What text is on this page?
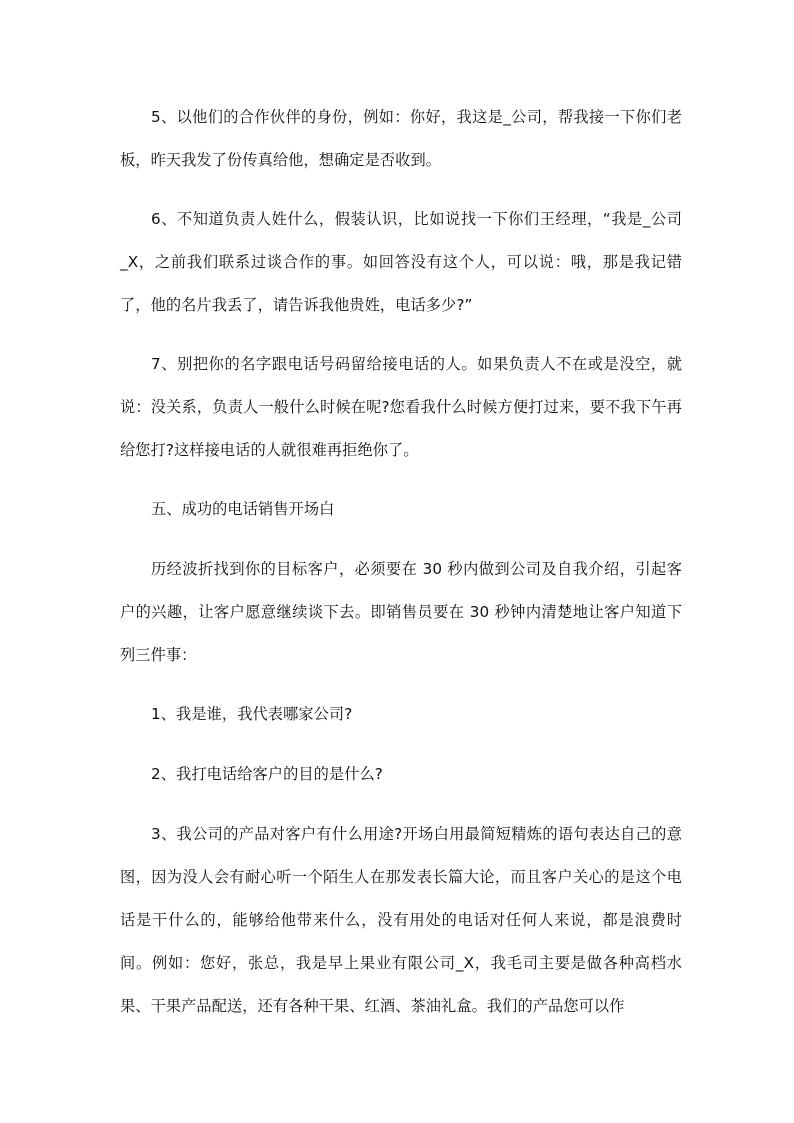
5、以他们的合作伙伴的身份，例如：你好，我这是_公司，帮我接一下你们老板，昨天我发了份传真给他，想确定是否收到。

6、不知道负责人姓什么，假装认识，比如说找一下你们王经理，“我是_公司_X，之前我们联系过谈合作的事。如回答没有这个人，可以说：哦，那是我记错了，他的名片我丢了，请告诉我他贵姓，电话多少?”

7、别把你的名字跟电话号码留给接电话的人。如果负责人不在或是没空，就说：没关系，负责人一般什么时候在呢?您看我什么时候方便打过来，要不我下午再给您打?这样接电话的人就很难再拒绝你了。

五、成功的电话销售开场白

历经波折找到你的目标客户，必须要在 30 秒内做到公司及自我介绍，引起客户的兴趣，让客户愿意继续谈下去。即销售员要在 30 秒钟内清楚地让客户知道下列三件事：

1、我是谁，我代表哪家公司?

2、我打电话给客户的目的是什么?

3、我公司的产品对客户有什么用途?开场白用最简短精炼的语句表达自己的意图，因为没人会有耐心听一个陌生人在那发表长篇大论，而且客户关心的是这个电话是干什么的，能够给他带来什么，没有用处的电话对任何人来说，都是浪费时间。例如：您好，张总，我是早上果业有限公司_X，我毛司主要是做各种高档水果、干果产品配送，还有各种干果、红酒、茶油礼盒。我们的产品您可以作
